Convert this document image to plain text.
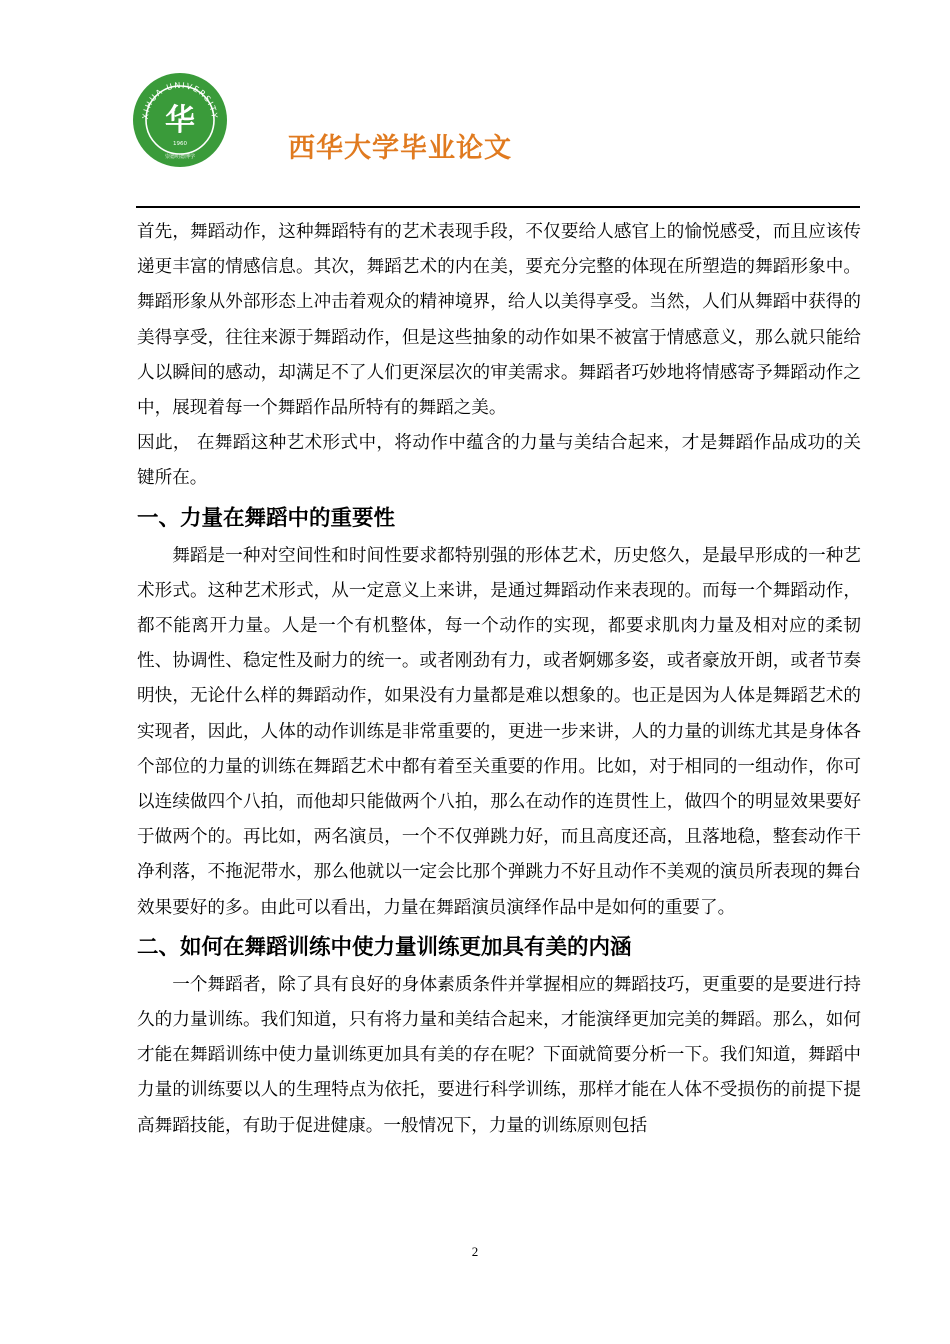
XIHUA UNIVERSITY
华
1960
崇德明德博学	西华大学毕业论文

首先，舞蹈动作，这种舞蹈特有的艺术表现手段，不仅要给人感官上的愉悦感受，而且应该传递更丰富的情感信息。其次，舞蹈艺术的内在美，要充分完整的体现在所塑造的舞蹈形象中。舞蹈形象从外部形态上冲击着观众的精神境界，给人以美得享受。当然，人们从舞蹈中获得的美得享受，往往来源于舞蹈动作，但是这些抽象的动作如果不被富于情感意义，那么就只能给人以瞬间的感动，却满足不了人们更深层次的审美需求。舞蹈者巧妙地将情感寄予舞蹈动作之中，展现着每一个舞蹈作品所特有的舞蹈之美。

因此， 在舞蹈这种艺术形式中，将动作中蕴含的力量与美结合起来，才是舞蹈作品成功的关键所在。

一、力量在舞蹈中的重要性

舞蹈是一种对空间性和时间性要求都特别强的形体艺术，历史悠久，是最早形成的一种艺术形式。这种艺术形式，从一定意义上来讲，是通过舞蹈动作来表现的。而每一个舞蹈动作，都不能离开力量。人是一个有机整体，每一个动作的实现，都要求肌肉力量及相对应的柔韧性、协调性、稳定性及耐力的统一。或者刚劲有力，或者婀娜多姿，或者豪放开朗，或者节奏明快，无论什么样的舞蹈动作，如果没有力量都是难以想象的。也正是因为人体是舞蹈艺术的实现者，因此，人体的动作训练是非常重要的，更进一步来讲，人的力量的训练尤其是身体各个部位的力量的训练在舞蹈艺术中都有着至关重要的作用。比如，对于相同的一组动作，你可以连续做四个八拍，而他却只能做两个八拍，那么在动作的连贯性上，做四个的明显效果要好于做两个的。再比如，两名演员，一个不仅弹跳力好，而且高度还高，且落地稳，整套动作干净利落，不拖泥带水，那么他就以一定会比那个弹跳力不好且动作不美观的演员所表现的舞台效果要好的多。由此可以看出，力量在舞蹈演员演绎作品中是如何的重要了。

二、如何在舞蹈训练中使力量训练更加具有美的内涵

一个舞蹈者，除了具有良好的身体素质条件并掌握相应的舞蹈技巧，更重要的是要进行持久的力量训练。我们知道，只有将力量和美结合起来，才能演绎更加完美的舞蹈。那么，如何才能在舞蹈训练中使力量训练更加具有美的存在呢？下面就简要分析一下。我们知道，舞蹈中力量的训练要以人的生理特点为依托，要进行科学训练，那样才能在人体不受损伤的前提下提高舞蹈技能，有助于促进健康。一般情况下，力量的训练原则包括

2
